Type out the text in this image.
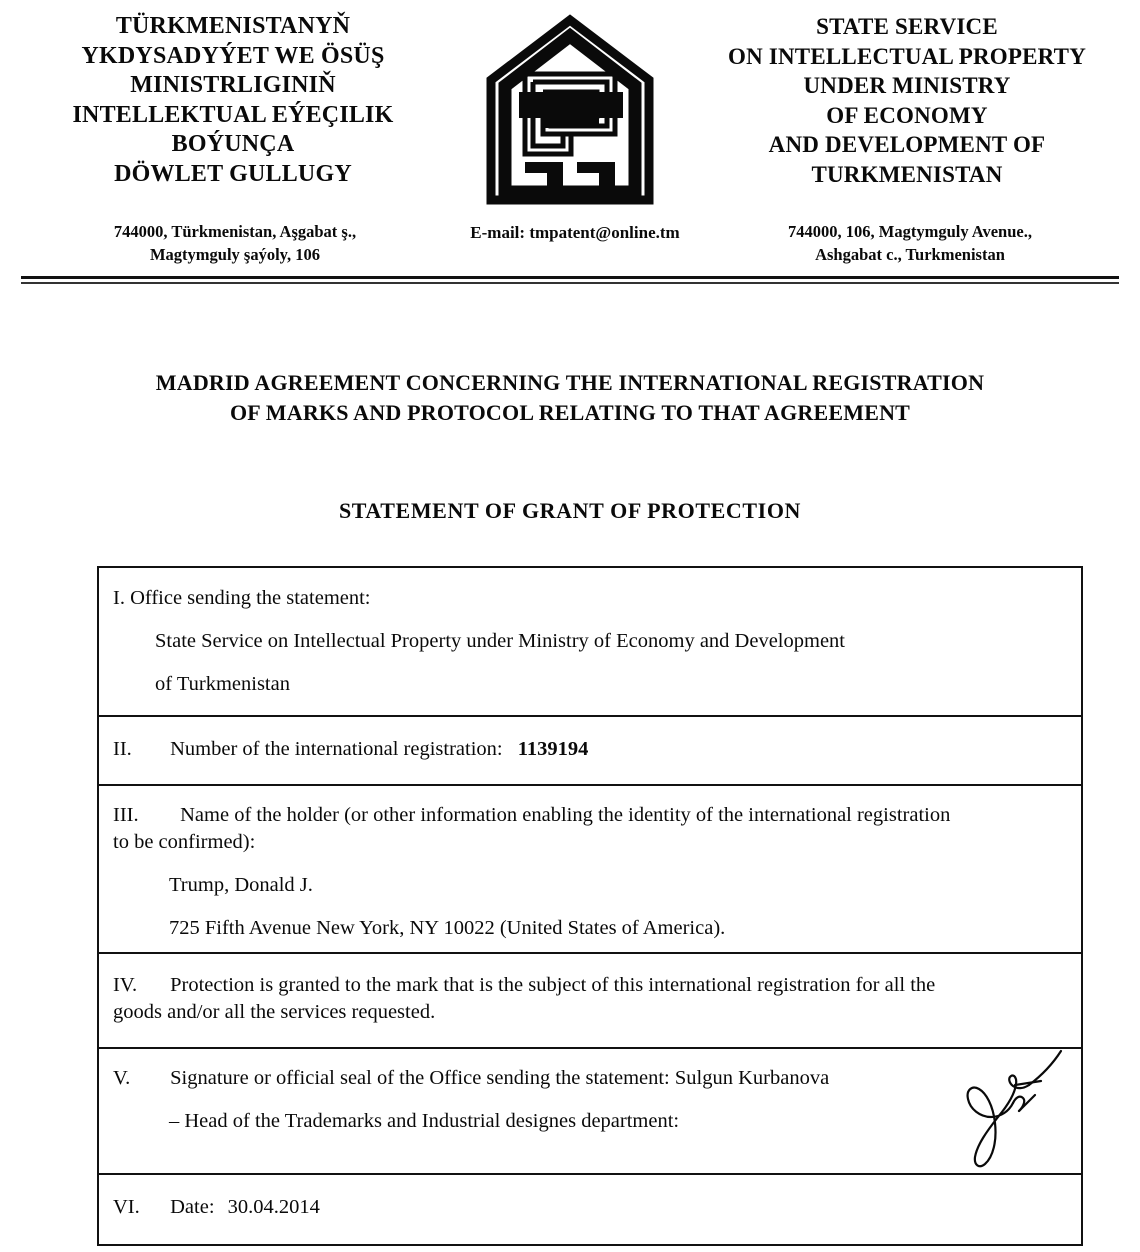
TÜRKMENISTANYŇ
YKDYSADYÝET WE ÖSÜŞ
MINISTRLIGINIŇ
INTELLEKTUAL EÝEÇILIK
BOÝUNÇA
DÖWLET GULLUGY
STATE SERVICE
ON INTELLECTUAL PROPERTY
UNDER MINISTRY
OF ECONOMY
AND DEVELOPMENT OF
TURKMENISTAN
744000, Türkmenistan, Aşgabat ş.,
Magtymguly şaýoly, 106
E-mail: tmpatent@online.tm	744000, 106, Magtymguly Avenue.,
Ashgabat c., Turkmenistan
MADRID AGREEMENT CONCERNING THE INTERNATIONAL REGISTRATION
OF MARKS AND PROTOCOL RELATING TO THAT AGREEMENT
STATEMENT OF GRANT OF PROTECTION
I. Office sending the statement:
State Service on Intellectual Property under Ministry of Economy and Development
of Turkmenistan
II. Number of the international registration: 1139194
III. Name of the holder (or other information enabling the identity of the international registration
to be confirmed):
Trump, Donald J.
725 Fifth Avenue New York, NY 10022 (United States of America).
IV. Protection is granted to the mark that is the subject of this international registration for all the
goods and/or all the services requested.
V. Signature or official seal of the Office sending the statement: Sulgun Kurbanova
– Head of the Trademarks and Industrial designes department:
VI. Date: 30.04.2014
